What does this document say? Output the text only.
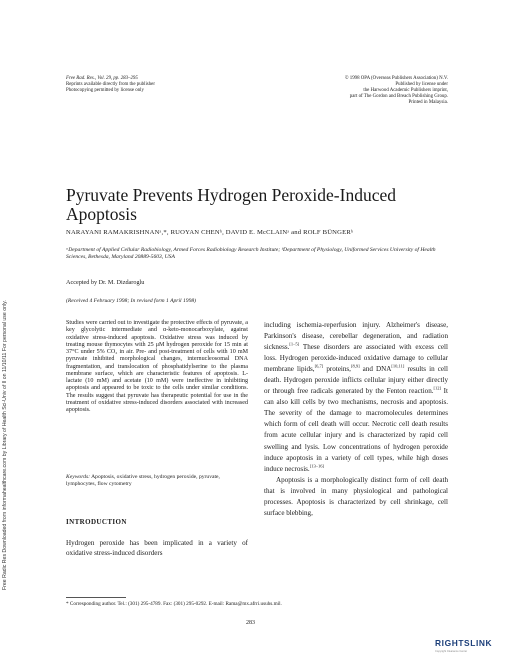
Free Radic Res Downloaded from informahealthcare.com by Library of Health Sci-Univ of Il on 11/10/11 For personal use only.
Free Rad. Res., Vol. 29, pp. 283–295
Reprints available directly from the publisher
Photocopying permitted by license only
© 1998 OPA (Overseas Publishers Association) N.V.
Published by license under
the Harwood Academic Publishers imprint,
part of The Gordon and Breach Publishing Group.
Printed in Malaysia.
Pyruvate Prevents Hydrogen Peroxide-Induced Apoptosis
NARAYANI RAMAKRISHNANᵃ,*, RUOYAN CHENᵇ, DAVID E. McCLAINᵃ and ROLF BÜNGERᵇ
ᵃDepartment of Applied Cellular Radiobiology, Armed Forces Radiobiology Research Institute; ᵇDepartment of Physiology, Uniformed Services University of Health Sciences, Bethesda, Maryland 20889-5603, USA
Accepted by Dr. M. Dizdaroglu
(Received 4 February 1998; In revised form 1 April 1998)
Studies were carried out to investigate the protective effects of pyruvate, a key glycolytic intermediate and α-keto-monocarboxylate, against oxidative stress-induced apoptosis. Oxidative stress was induced by treating mouse thymocytes with 25 μM hydrogen peroxide for 15 min at 37°C under 5% CO₂ in air. Pre- and post-treatment of cells with 10 mM pyruvate inhibited morphological changes, internucleosomal DNA fragmentation, and translocation of phosphatidylserine to the plasma membrane surface, which are characteristic features of apoptosis. L-lactate (10 mM) and acetate (10 mM) were ineffective in inhibiting apoptosis and appeared to be toxic to the cells under similar conditions. The results suggest that pyruvate has therapeutic potential for use in the treatment of oxidative stress-induced disorders associated with increased apoptosis.
Keywords: Apoptosis, oxidative stress, hydrogen peroxide, pyruvate, lymphocytes, flow cytometry
INTRODUCTION
Hydrogen peroxide has been implicated in a variety of oxidative stress-induced disorders

including ischemia-reperfusion injury. Alzheimer's disease, Parkinson's disease, cerebellar degeneration, and radiation sickness.[1–5] These disorders are associated with excess cell loss. Hydrogen peroxide-induced oxidative damage to cellular membrane lipids,[6,7] proteins,[8,9] and DNA[10,11] results in cell death. Hydrogen peroxide inflicts cellular injury either directly or through free radicals generated by the Fenton reaction.[12] It can also kill cells by two mechanisms, necrosis and apoptosis. The severity of the damage to macromolecules determines which form of cell death will occur. Necrotic cell death results from acute cellular injury and is characterized by rapid cell swelling and lysis. Low concentrations of hydrogen peroxide induce apoptosis in a variety of cell types, while high doses induce necrosis.[13–16]

Apoptosis is a morphologically distinct form of cell death that is involved in many physiological and pathological processes. Apoptosis is characterized by cell shrinkage, cell surface blebbing,

* Corresponding author. Tel.: (301) 295-4789. Fax: (301) 295-0292. E-mail: Rama@mx.afrri.usuhs.mil.
283
RIGHTSLINK
Copyright Clearance Center
